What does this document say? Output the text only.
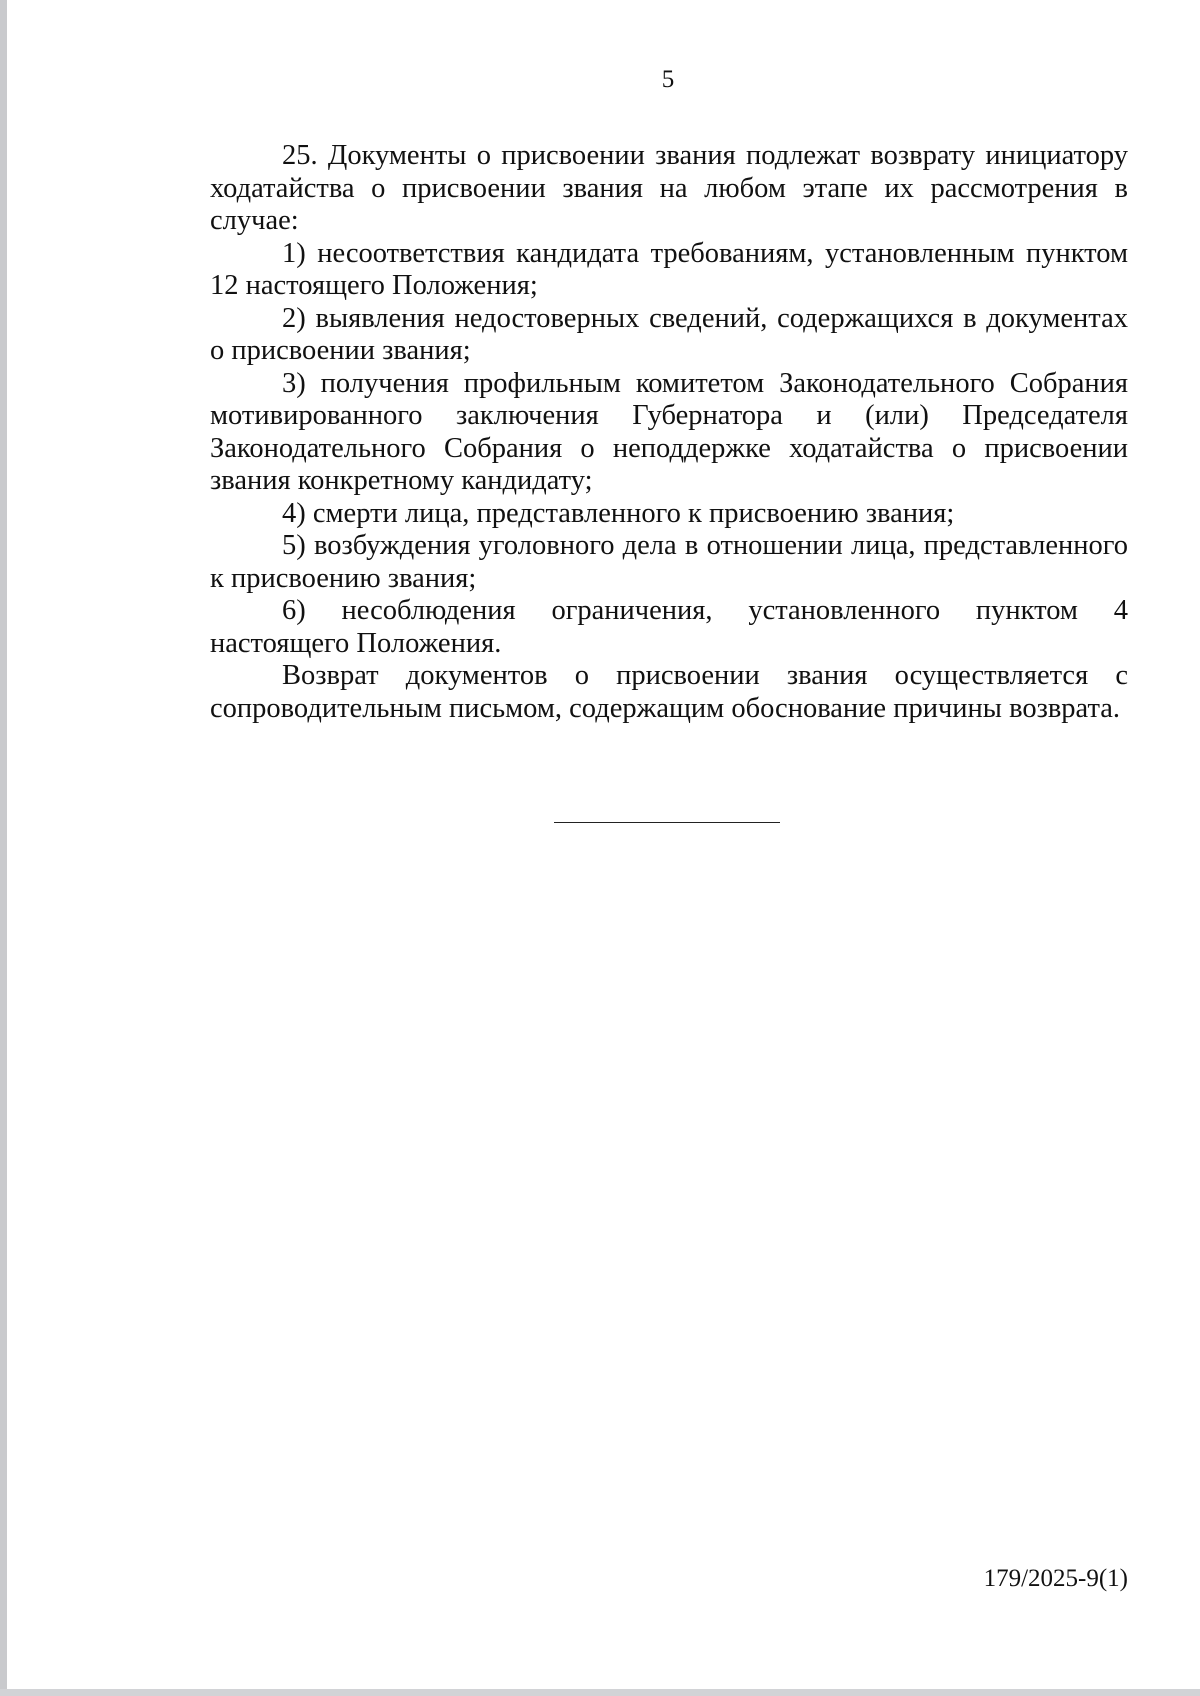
5

25. Документы о присвоении звания подлежат возврату инициатору ходатайства о присвоении звания на любом этапе их рассмотрения в случае:

1) несоответствия кандидата требованиям, установленным пунктом 12 настоящего Положения;

2) выявления недостоверных сведений, содержащихся в документах о присвоении звания;

3) получения профильным комитетом Законодательного Собрания мотивированного заключения Губернатора и (или) Председателя Законодательного Собрания о неподдержке ходатайства о присвоении звания конкретному кандидату;

4) смерти лица, представленного к присвоению звания;

5) возбуждения уголовного дела в отношении лица, представленного к присвоению звания;

6) несоблюдения ограничения, установленного пунктом 4 настоящего Положения.

Возврат документов о присвоении звания осуществляется с сопроводительным письмом, содержащим обоснование причины возврата.

179/2025-9(1)
